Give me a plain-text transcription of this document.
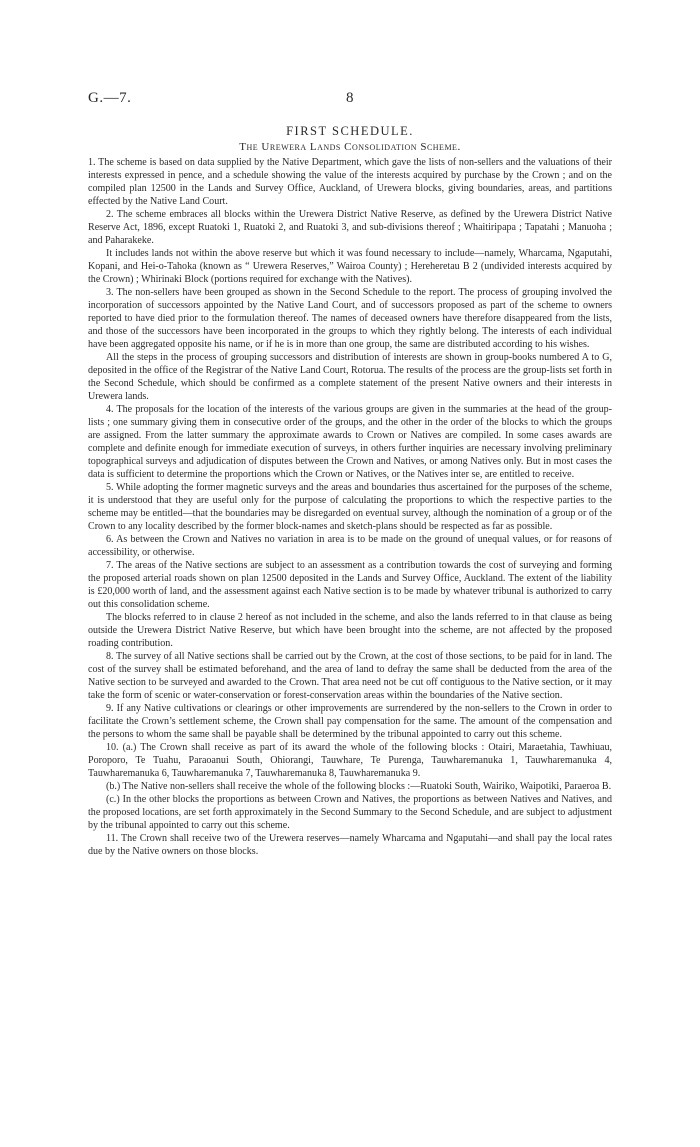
G.—7.	8
FIRST SCHEDULE.
The Urewera Lands Consolidation Scheme.

1. The scheme is based on data supplied by the Native Department, which gave the lists of non-sellers and the valuations of their interests expressed in pence, and a schedule showing the value of the interests acquired by purchase by the Crown ; and on the compiled plan 12500 in the Lands and Survey Office, Auckland, of Urewera blocks, giving boundaries, areas, and partitions effected by the Native Land Court.

2. The scheme embraces all blocks within the Urewera District Native Reserve, as defined by the Urewera District Native Reserve Act, 1896, except Ruatoki 1, Ruatoki 2, and Ruatoki 3, and sub-divisions thereof ; Whaitiripapa ; Tapatahi ; Manuoha ; and Paharakeke.

It includes lands not within the above reserve but which it was found necessary to include—namely, Wharcama, Ngaputahi, Kopani, and Hei-o-Tahoka (known as “ Urewera Reserves,” Wairoa County) ; Hereheretau B 2 (undivided interests acquired by the Crown) ; Whirinaki Block (portions required for exchange with the Natives).

3. The non-sellers have been grouped as shown in the Second Schedule to the report. The process of grouping involved the incorporation of successors appointed by the Native Land Court, and of successors proposed as part of the scheme to owners reported to have died prior to the formulation thereof. The names of deceased owners have therefore disappeared from the lists, and those of the successors have been incorporated in the groups to which they rightly belong. The interests of each individual have been aggregated opposite his name, or if he is in more than one group, the same are distributed according to his wishes.

All the steps in the process of grouping successors and distribution of interests are shown in group-books numbered A to G, deposited in the office of the Registrar of the Native Land Court, Rotorua. The results of the process are the group-lists set forth in the Second Schedule, which should be confirmed as a complete statement of the present Native owners and their interests in Urewera lands.

4. The proposals for the location of the interests of the various groups are given in the summaries at the head of the group-lists ; one summary giving them in consecutive order of the groups, and the other in the order of the blocks to which the groups are assigned. From the latter summary the approximate awards to Crown or Natives are compiled. In some cases awards are complete and definite enough for immediate execution of surveys, in others further inquiries are necessary involving preliminary topographical surveys and adjudication of disputes between the Crown and Natives, or among Natives only. But in most cases the data is sufficient to determine the proportions which the Crown or Natives, or the Natives inter se, are entitled to receive.

5. While adopting the former magnetic surveys and the areas and boundaries thus ascertained for the purposes of the scheme, it is understood that they are useful only for the purpose of calculating the proportions to which the respective parties to the scheme may be entitled—that the boundaries may be disregarded on eventual survey, although the nomination of a group or of the Crown to any locality described by the former block-names and sketch-plans should be respected as far as possible.

6. As between the Crown and Natives no variation in area is to be made on the ground of unequal values, or for reasons of accessibility, or otherwise.

7. The areas of the Native sections are subject to an assessment as a contribution towards the cost of surveying and forming the proposed arterial roads shown on plan 12500 deposited in the Lands and Survey Office, Auckland. The extent of the liability is £20,000 worth of land, and the assessment against each Native section is to be made by whatever tribunal is authorized to carry out this consolidation scheme.

The blocks referred to in clause 2 hereof as not included in the scheme, and also the lands referred to in that clause as being outside the Urewera District Native Reserve, but which have been brought into the scheme, are not affected by the proposed roading contribution.

8. The survey of all Native sections shall be carried out by the Crown, at the cost of those sections, to be paid for in land. The cost of the survey shall be estimated beforehand, and the area of land to defray the same shall be deducted from the area of the Native section to be surveyed and awarded to the Crown. That area need not be cut off contiguous to the Native section, or it may take the form of scenic or water-conservation or forest-conservation areas within the boundaries of the Native section.

9. If any Native cultivations or clearings or other improvements are surrendered by the non-sellers to the Crown in order to facilitate the Crown’s settlement scheme, the Crown shall pay compensation for the same. The amount of the compensation and the persons to whom the same shall be payable shall be determined by the tribunal appointed to carry out this scheme.

10. (a.) The Crown shall receive as part of its award the whole of the following blocks : Otairi, Maraetahia, Tawhiuau, Poroporo, Te Tuahu, Paraoanui South, Ohiorangi, Tauwhare, Te Purenga, Tauwharemanuka 1, Tauwharemanuka 4, Tauwharemanuka 6, Tauwharemanuka 7, Tauwharemanuka 8, Tauwharemanuka 9.

(b.) The Native non-sellers shall receive the whole of the following blocks :—Ruatoki South, Wairiko, Waipotiki, Paraeroa B.

(c.) In the other blocks the proportions as between Crown and Natives, the proportions as between Natives and Natives, and the proposed locations, are set forth approximately in the Second Summary to the Second Schedule, and are subject to adjustment by the tribunal appointed to carry out this scheme.

11. The Crown shall receive two of the Urewera reserves—namely Wharcama and Ngaputahi—and shall pay the local rates due by the Native owners on those blocks.
